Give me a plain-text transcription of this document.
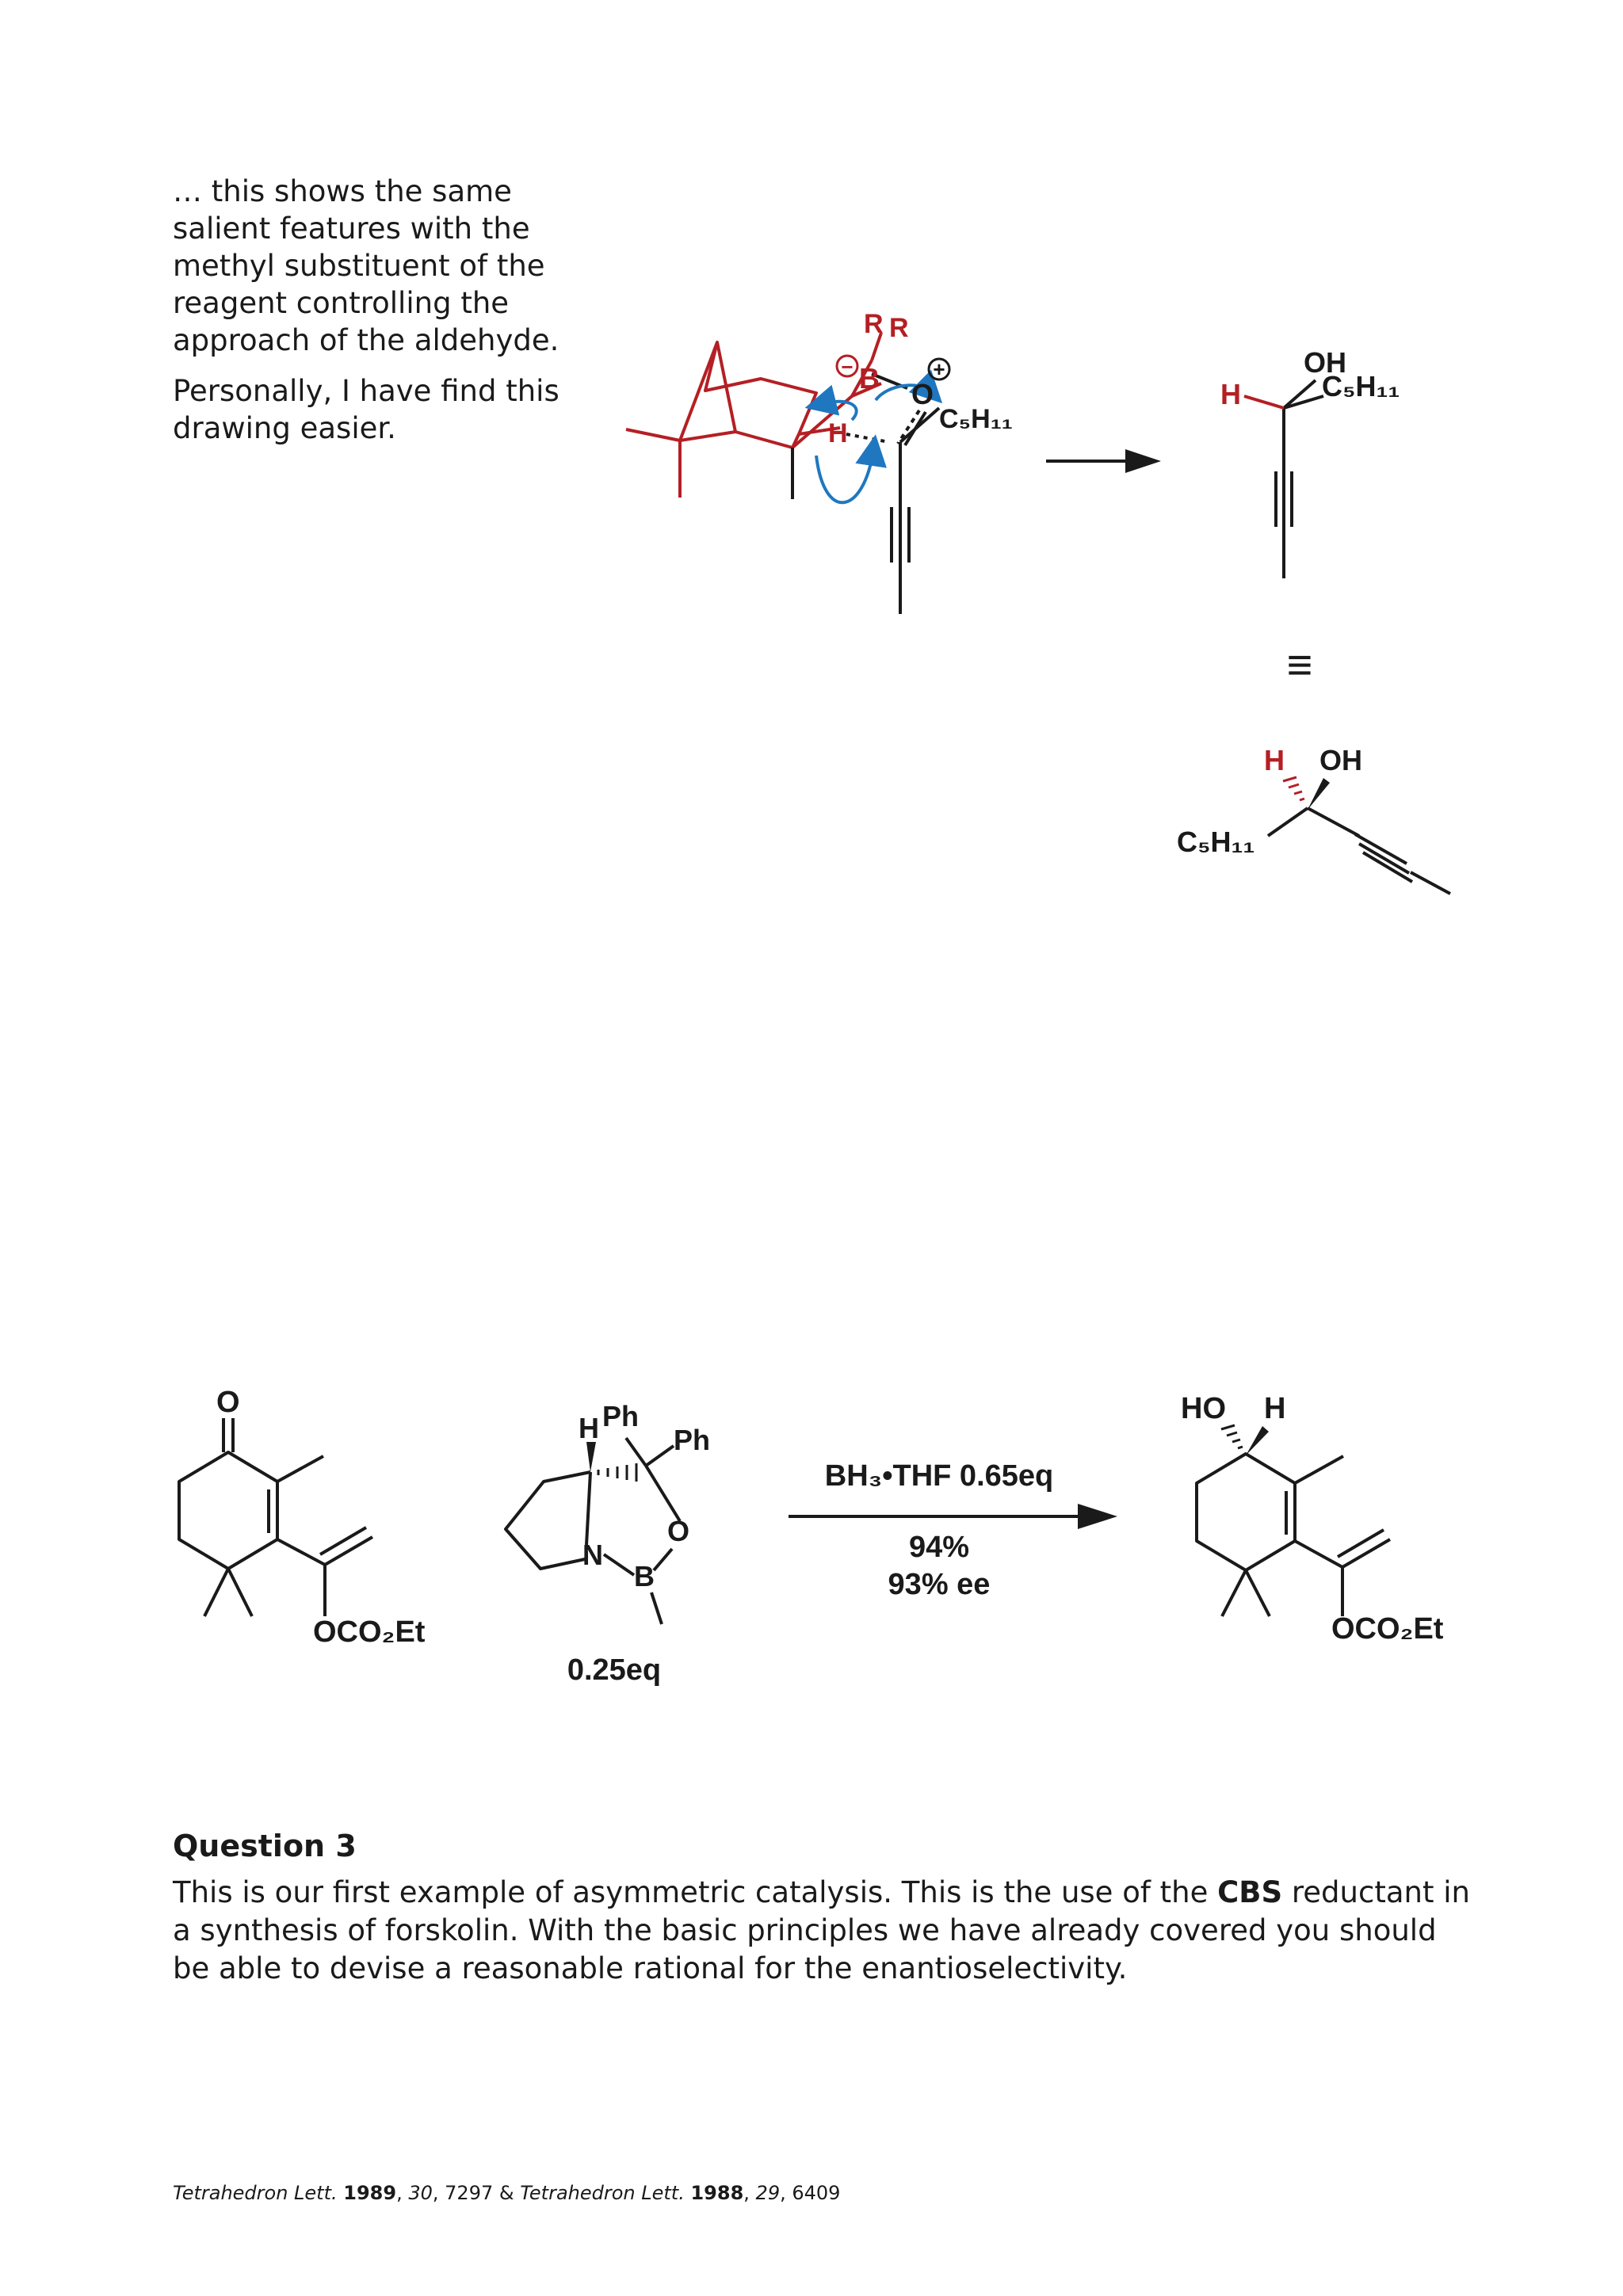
… this shows the same salient features with the methyl substituent of the reagent controlling the approach of the aldehyde.

Personally, I have find this drawing easier.

R R
− B	+
O
H	C₅H₁₁
OH
C₅H₁₁
H
≡
H OH
C₅H₁₁
O
OCO₂Et
H Ph
Ph
O
N
B
0.25eq
BH₃•THF 0.65eq
94%
93% ee
HO H
OCO₂Et
Question 3

This is our first example of asymmetric catalysis. This is the use of the CBS reductant in a synthesis of forskolin. With the basic principles we have already covered you should be able to devise a reasonable rational for the enantioselectivity.

Tetrahedron Lett. 1989, 30, 7297 & Tetrahedron Lett. 1988, 29, 6409
